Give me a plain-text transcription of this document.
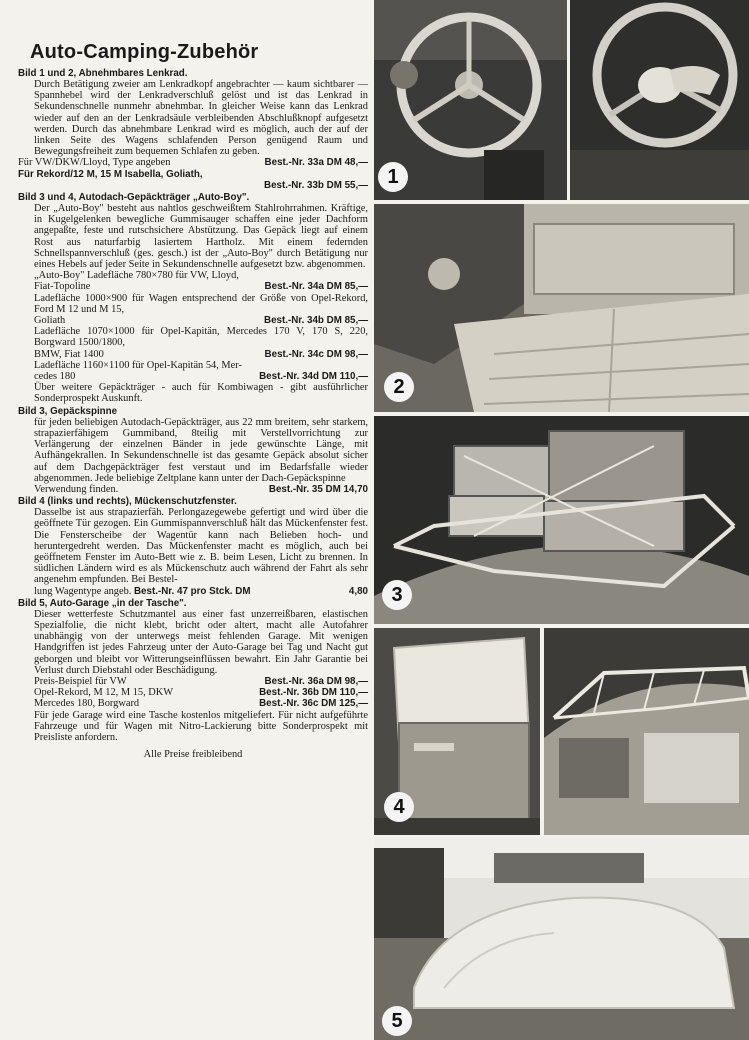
Auto-Camping-Zubehör
Bild 1 und 2, Abnehmbares Lenkrad.
Durch Betätigung zweier am Lenkradkopf angebrachter — kaum sichtbarer — Spannhebel wird der Lenkradverschluß gelöst und ist das Lenkrad in Sekundenschnelle nunmehr abnehmbar. In gleicher Weise kann das Lenkrad wieder auf den an der Lenkradsäule verbleibenden Abschlußknopf aufgesetzt werden. Durch das abnehmbare Lenkrad wird es möglich, auch der auf der linken Seite des Wagens schlafenden Person genügend Raum und Bewegungsfreiheit zum bequemen Schlafen zu geben.
Für VW/DKW/Lloyd, Type angeben	Best.-Nr. 33a DM 48,—
Für Rekord/12 M, 15 M Isabella, Goliath,
Best.-Nr. 33b DM 55,—
Bild 3 und 4, Autodach-Gepäckträger „Auto-Boy".
Der „Auto-Boy" besteht aus nahtlos geschweißtem Stahlrohrrahmen. Kräftige, in Kugelgelenken bewegliche Gummisauger schaffen eine jeder Dachform angepaßte, feste und rutschsichere Abstützung. Das Gepäck liegt auf einem Rost aus naturfarbig lasiertem Hartholz. Mit einem federnden Schnellspannverschluß (ges. gesch.) ist der „Auto-Boy" durch Betätigung nur eines Hebels auf jeder Seite in Sekundenschnelle aufgesetzt bzw. abgenommen.
„Auto-Boy" Ladefläche 780×780 für VW, Lloyd,
Fiat-Topoline	Best.-Nr. 34a DM 85,—
Ladefläche 1000×900 für Wagen entsprechend der Größe von Opel-Rekord, Ford M 12 und M 15,
Goliath	Best.-Nr. 34b DM 85,—
Ladefläche 1070×1000 für Opel-Kapitän, Mercedes 170 V, 170 S, 220, Borgward 1500/1800,
BMW, Fiat 1400	Best.-Nr. 34c DM 98,—
Ladefläche 1160×1100 für Opel-Kapitän 54, Mer-
cedes 180	Best.-Nr. 34d DM 110,—
Über weitere Gepäckträger - auch für Kombiwagen - gibt ausführlicher Sonderprospekt Auskunft.
Bild 3, Gepäckspinne
für jeden beliebigen Autodach-Gepäckträger, aus 22 mm breitem, sehr starkem, strapazierfähigem Gummiband, 8teilig mit Verstellvorrichtung zur Verlängerung der einzelnen Bänder in jede gewünschte Länge, mit Aufhängekrallen. In Sekundenschnelle ist das gesamte Gepäck absolut sicher auf dem Dachgepäckträger fest verstaut und im Bedarfsfalle wieder abgenommen. Jede beliebige Zeltplane kann unter der Dach-Gepäckspinne
Verwendung finden.	Best.-Nr. 35 DM 14,70
Bild 4 (links und rechts), Mückenschutzfenster.
Dasselbe ist aus strapazierfäh. Perlongazegewebe gefertigt und wird über die geöffnete Tür gezogen. Ein Gummispannverschluß hält das Mückenfenster fest. Die Fensterscheibe der Wagentür kann nach Belieben hoch- und heruntergedreht werden. Das Mückenfenster macht es möglich, auch bei geöffnetem Fenster im Auto-Bett wie z. B. beim Lesen, Licht zu brennen. In südlichen Ländern wird es als Mückenschutz auch während der Fahrt als sehr angenehm empfunden. Bei Bestel-
lung Wagentype angeb. Best.-Nr. 47 pro Stck. DM	4,80
Bild 5, Auto-Garage „in der Tasche".
Dieser wetterfeste Schutzmantel aus einer fast unzerreißbaren, elastischen Spezialfolie, die nicht klebt, bricht oder altert, macht alle Autofahrer unabhängig von der unterwegs meist fehlenden Garage. Mit wenigen Handgriffen ist jedes Fahrzeug unter der Auto-Garage bei Tag und Nacht gut geborgen und bleibt vor Witterungseinflüssen bewahrt. Ein Jahr Garantie bei Verlust durch Diebstahl oder Beschädigung.
Preis-Beispiel für VW	Best.-Nr. 36a DM 98,—
Opel-Rekord, M 12, M 15, DKW	Best.-Nr. 36b DM 110,—
Mercedes 180, Borgward	Best.-Nr. 36c DM 125,—
Für jede Garage wird eine Tasche kostenlos mitgeliefert. Für nicht aufgeführte Fahrzeuge und für Wagen mit Nitro-Lackierung bitte Sonderprospekt mit Preisliste anfordern.
Alle Preise freibleibend
1
2
3
4
5
